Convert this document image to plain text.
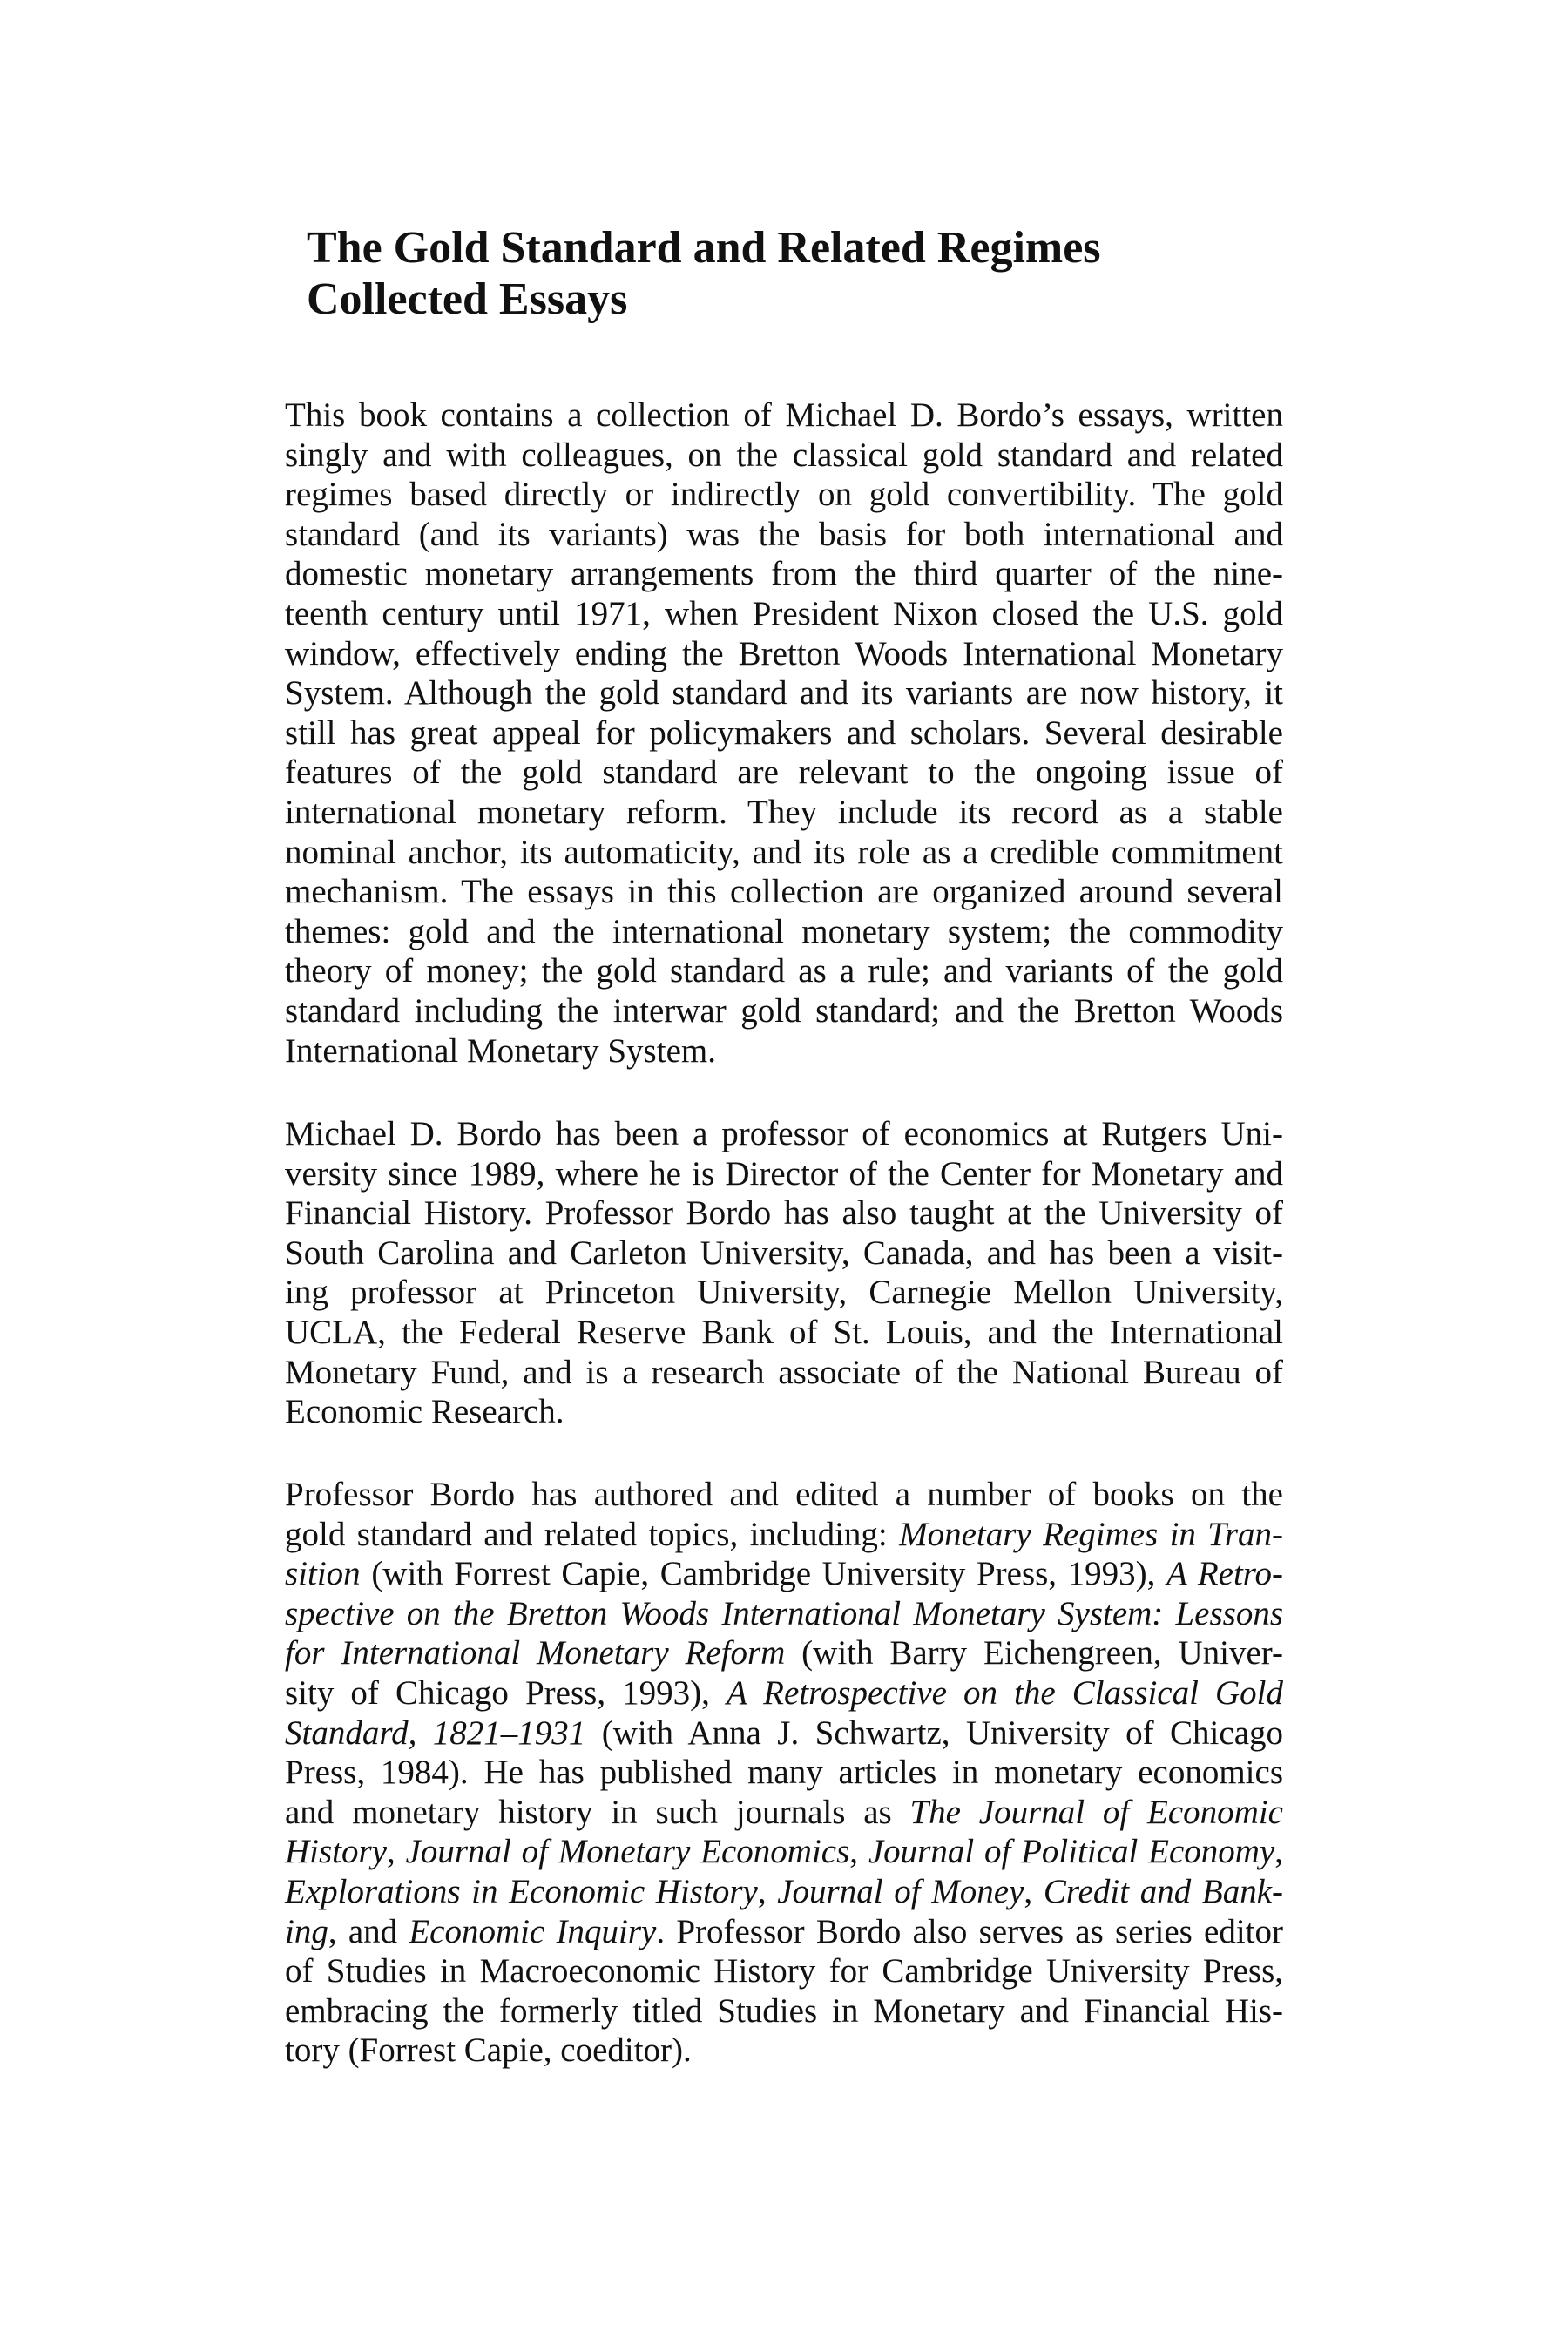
The Gold Standard and Related Regimes
Collected Essays
This book contains a collection of Michael D. Bordo’s essays, written
singly and with colleagues, on the classical gold standard and related
regimes based directly or indirectly on gold convertibility. The gold
standard (and its variants) was the basis for both international and
domestic monetary arrangements from the third quarter of the nine-
teenth century until 1971, when President Nixon closed the U.S. gold
window, effectively ending the Bretton Woods International Monetary
System. Although the gold standard and its variants are now history, it
still has great appeal for policymakers and scholars. Several desirable
features of the gold standard are relevant to the ongoing issue of
international monetary reform. They include its record as a stable
nominal anchor, its automaticity, and its role as a credible commitment
mechanism. The essays in this collection are organized around several
themes: gold and the international monetary system; the commodity
theory of money; the gold standard as a rule; and variants of the gold
standard including the interwar gold standard; and the Bretton Woods
International Monetary System.
Michael D. Bordo has been a professor of economics at Rutgers Uni-
versity since 1989, where he is Director of the Center for Monetary and
Financial History. Professor Bordo has also taught at the University of
South Carolina and Carleton University, Canada, and has been a visit-
ing professor at Princeton University, Carnegie Mellon University,
UCLA, the Federal Reserve Bank of St. Louis, and the International
Monetary Fund, and is a research associate of the National Bureau of
Economic Research.
Professor Bordo has authored and edited a number of books on the
gold standard and related topics, including: Monetary Regimes in Tran-
sition (with Forrest Capie, Cambridge University Press, 1993), A Retro-
spective on the Bretton Woods International Monetary System: Lessons
for International Monetary Reform (with Barry Eichengreen, Univer-
sity of Chicago Press, 1993), A Retrospective on the Classical Gold
Standard, 1821–1931 (with Anna J. Schwartz, University of Chicago
Press, 1984). He has published many articles in monetary economics
and monetary history in such journals as The Journal of Economic
History, Journal of Monetary Economics, Journal of Political Economy,
Explorations in Economic History, Journal of Money, Credit and Bank-
ing, and Economic Inquiry. Professor Bordo also serves as series editor
of Studies in Macroeconomic History for Cambridge University Press,
embracing the formerly titled Studies in Monetary and Financial His-
tory (Forrest Capie, coeditor).
